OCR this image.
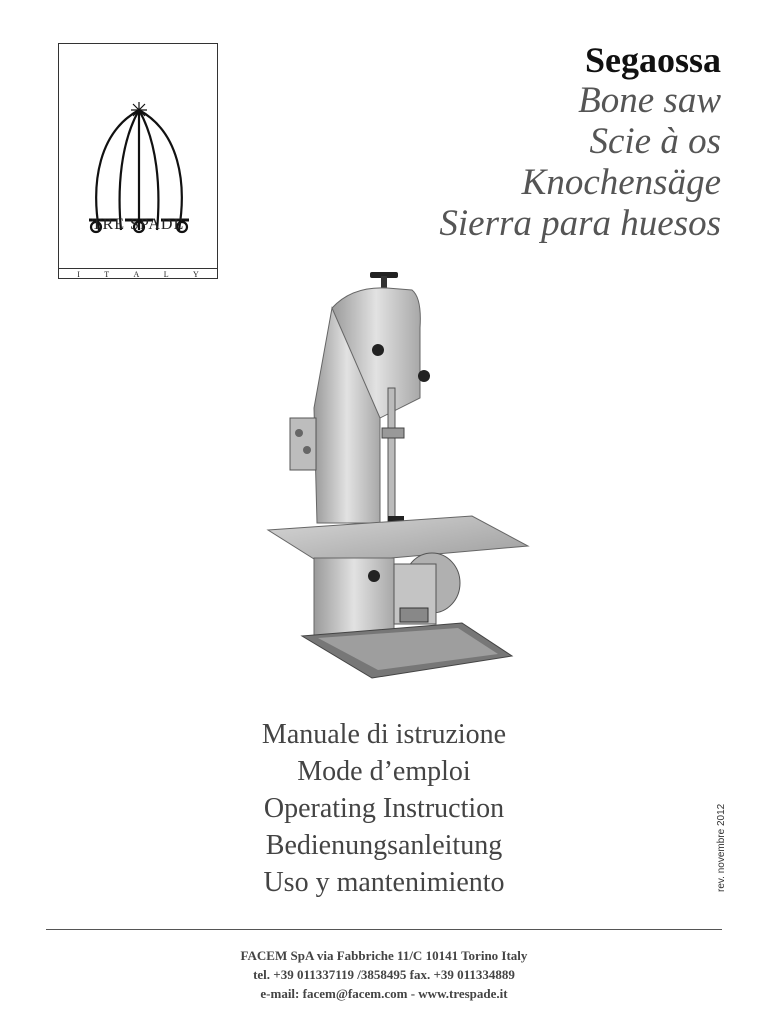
TRE SPADE
I	T	A	L	Y
Segaossa
Bone saw
Scie à os
Knochensäge
Sierra para huesos
Manuale di istruzione
Mode d’emploi
Operating Instruction
Bedienungsanleitung
Uso y mantenimiento	rev. novembre 2012
FACEM SpA via Fabbriche 11/C 10141 Torino Italy
tel. +39 011337119 /3858495 fax. +39 011334889
e-mail: facem@facem.com - www.trespade.it
